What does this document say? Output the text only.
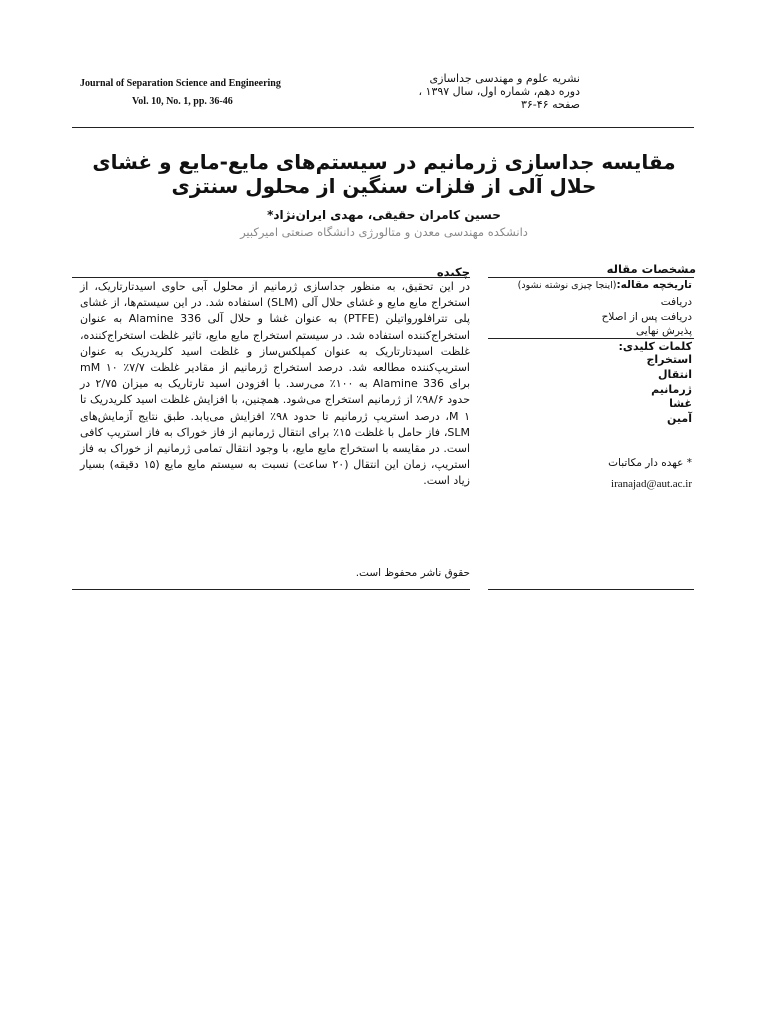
Journal of Separation Science and Engineering
Vol. 10, No. 1, pp. 36-46
نشریه علوم و مهندسی جداسازی
دوره دهم، شماره اول، سال ۱۳۹۷ ،
صفحه ۴۶-۳۶
مقایسه جداسازی ژرمانیم در سیستم‌های مایع-مایع و غشای حلال آلی از فلزات سنگین از محلول سنتزی
حسین کامران حقیقی، مهدی ایران‌نژاد*
دانشکده مهندسی معدن و متالورژی دانشگاه صنعتی امیرکبیر
چکیده	مشخصات مقاله
در این تحقیق، به منظور جداسازی ژرمانیم از محلول آبی حاوی اسیدتارتاریک، از استخراج مایع مایع و غشای حلال آلی (SLM) استفاده شد. در این سیستم‌ها، از غشای پلی تترافلورواتیلن (PTFE) به عنوان غشا و حلال آلی Alamine 336 به عنوان استخراج‌کننده استفاده شد. در سیستم استخراج مایع مایع، تاثیر غلظت استخراج‌کننده، غلظت اسیدتارتاریک به عنوان کمپلکس‌ساز و غلظت اسید کلریدریک به عنوان استریپ‌کننده مطالعه شد. درصد استخراج ژرمانیم از مقادیر غلظت ۷/۷٪ ۱۰ mM برای Alamine 336 به ۱۰۰٪ می‌رسد. با افزودن اسید تارتاریک به میزان ۲/۷۵ در حدود ۹۸/۶٪ از ژرمانیم استخراج می‌شود. همچنین، با افزایش غلظت اسید کلریدریک تا M ۱، درصد استریپ ژرمانیم تا حدود ۹۸٪ افزایش می‌یابد. طبق نتایج آزمایش‌های SLM، فاز حامل با غلظت ۱۵٪ برای انتقال ژرمانیم از فاز خوراک به فاز استریپ کافی است. در مقایسه با استخراج مایع مایع، با وجود انتقال تمامی ژرمانیم از خوراک به فاز استریپ، زمان این انتقال (۲۰ ساعت) نسبت به سیستم مایع مایع (۱۵ دقیقه) بسیار زیاد است.
تاریخچه مقاله:(اینجا چیزی نوشته نشود)
دریافت
دریافت پس از اصلاح
پذیرش نهایی
کلمات کلیدی:
استخراج
انتقال
ژرمانیم
غشا
آمین
* عهده دار مکاتبات
iranajad@aut.ac.ir
حقوق ناشر محفوظ است.
